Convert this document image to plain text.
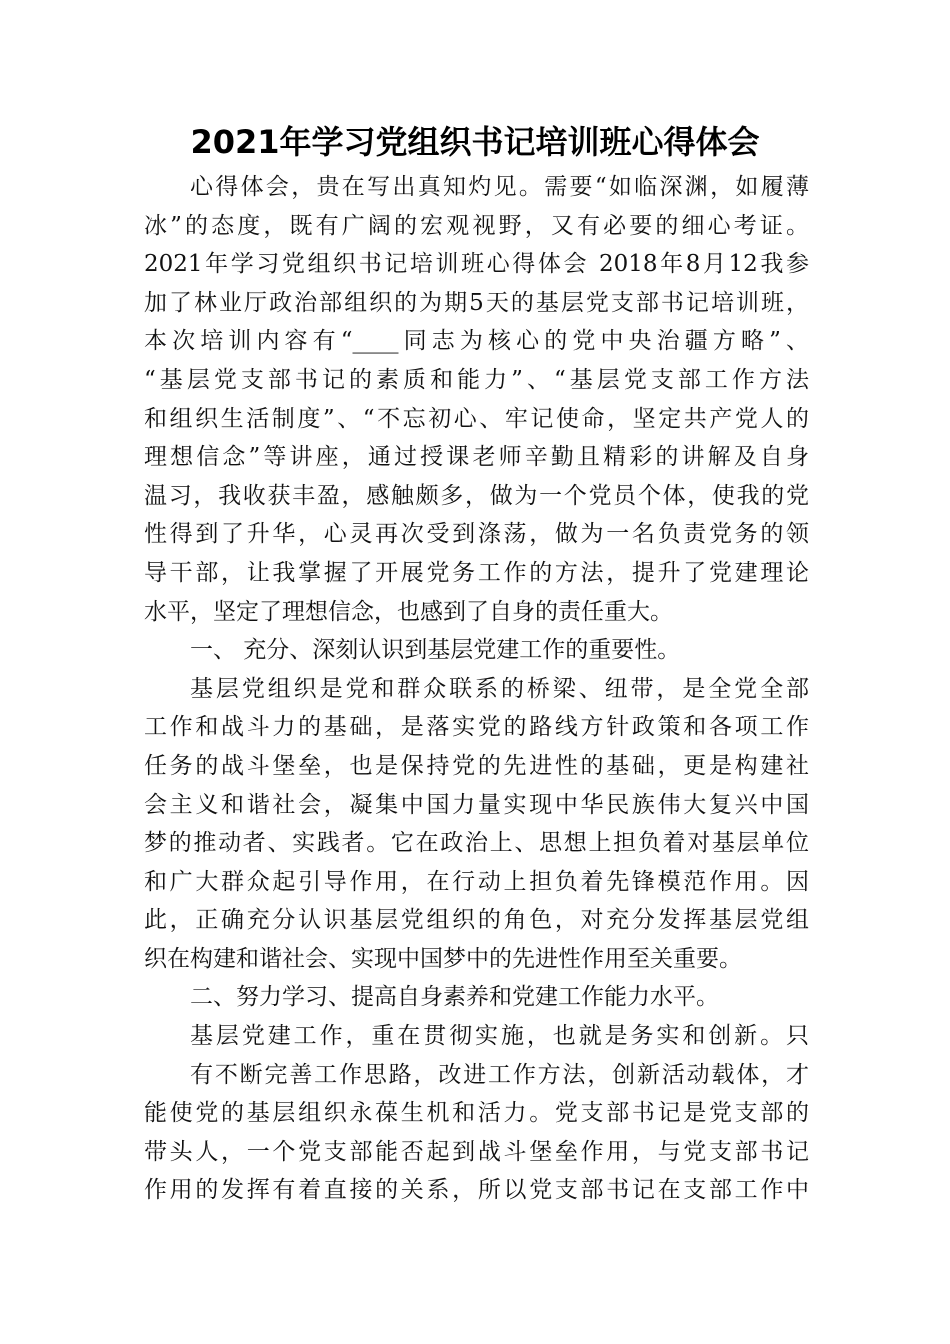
2021年学习党组织书记培训班心得体会
心得体会，贵在写出真知灼见。需要“如临深渊，如履薄
冰”的态度，既有广阔的宏观视野，又有必要的细心考证。
2021年学习党组织书记培训班心得体会 2018年8月12我参
加了林业厅政治部组织的为期5天的基层党支部书记培训班，
本次培训内容有“____同志为核心的党中央治疆方略”、
“基层党支部书记的素质和能力”、“基层党支部工作方法
和组织生活制度”、“不忘初心、牢记使命，坚定共产党人的
理想信念”等讲座，通过授课老师辛勤且精彩的讲解及自身
温习，我收获丰盈，感触颇多，做为一个党员个体，使我的党
性得到了升华，心灵再次受到涤荡，做为一名负责党务的领
导干部，让我掌握了开展党务工作的方法，提升了党建理论
水平，坚定了理想信念，也感到了自身的责任重大。
一、 充分、深刻认识到基层党建工作的重要性。
基层党组织是党和群众联系的桥梁、纽带，是全党全部
工作和战斗力的基础，是落实党的路线方针政策和各项工作
任务的战斗堡垒，也是保持党的先进性的基础，更是构建社
会主义和谐社会，凝集中国力量实现中华民族伟大复兴中国
梦的推动者、实践者。它在政治上、思想上担负着对基层单位
和广大群众起引导作用，在行动上担负着先锋模范作用。因
此，正确充分认识基层党组织的角色，对充分发挥基层党组
织在构建和谐社会、实现中国梦中的先进性作用至关重要。
二、努力学习、提高自身素养和党建工作能力水平。
基层党建工作，重在贯彻实施，也就是务实和创新。只
有不断完善工作思路，改进工作方法，创新活动载体，才
能使党的基层组织永葆生机和活力。党支部书记是党支部的
带头人，一个党支部能否起到战斗堡垒作用，与党支部书记
作用的发挥有着直接的关系，所以党支部书记在支部工作中
